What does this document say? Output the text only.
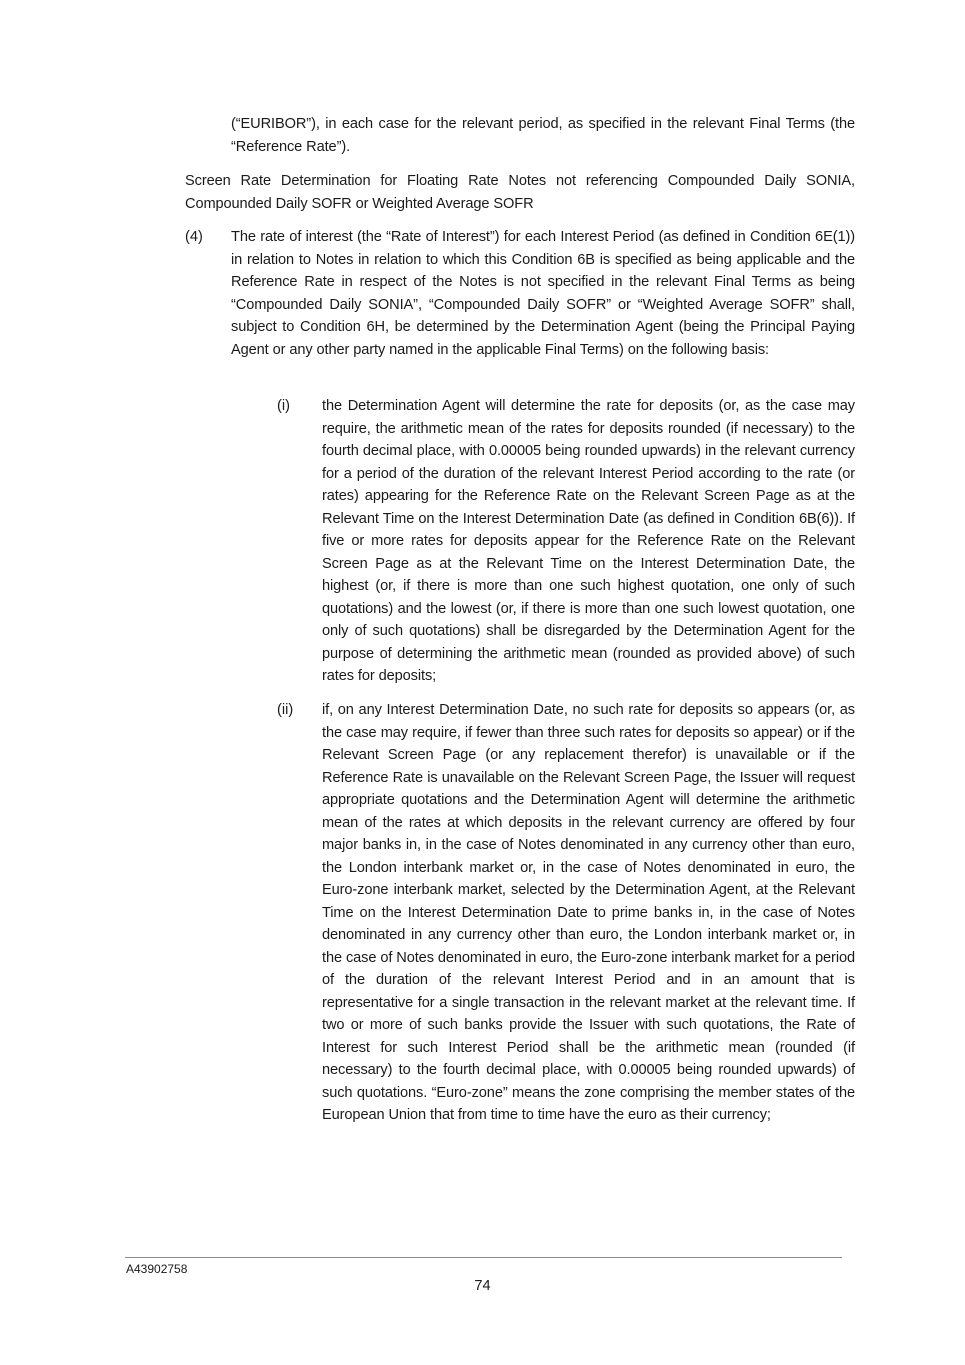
(“EURIBOR”), in each case for the relevant period, as specified in the relevant Final Terms (the “Reference Rate”).

Screen Rate Determination for Floating Rate Notes not referencing Compounded Daily SONIA, Compounded Daily SOFR or Weighted Average SOFR

(4) The rate of interest (the “Rate of Interest”) for each Interest Period (as defined in Condition 6E(1)) in relation to Notes in relation to which this Condition 6B is specified as being applicable and the Reference Rate in respect of the Notes is not specified in the relevant Final Terms as being “Compounded Daily SONIA”, “Compounded Daily SOFR” or “Weighted Average SOFR” shall, subject to Condition 6H, be determined by the Determination Agent (being the Principal Paying Agent or any other party named in the applicable Final Terms) on the following basis:

(i) the Determination Agent will determine the rate for deposits (or, as the case may require, the arithmetic mean of the rates for deposits rounded (if necessary) to the fourth decimal place, with 0.00005 being rounded upwards) in the relevant currency for a period of the duration of the relevant Interest Period according to the rate (or rates) appearing for the Reference Rate on the Relevant Screen Page as at the Relevant Time on the Interest Determination Date (as defined in Condition 6B(6)). If five or more rates for deposits appear for the Reference Rate on the Relevant Screen Page as at the Relevant Time on the Interest Determination Date, the highest (or, if there is more than one such highest quotation, one only of such quotations) and the lowest (or, if there is more than one such lowest quotation, one only of such quotations) shall be disregarded by the Determination Agent for the purpose of determining the arithmetic mean (rounded as provided above) of such rates for deposits;

(ii) if, on any Interest Determination Date, no such rate for deposits so appears (or, as the case may require, if fewer than three such rates for deposits so appear) or if the Relevant Screen Page (or any replacement therefor) is unavailable or if the Reference Rate is unavailable on the Relevant Screen Page, the Issuer will request appropriate quotations and the Determination Agent will determine the arithmetic mean of the rates at which deposits in the relevant currency are offered by four major banks in, in the case of Notes denominated in any currency other than euro, the London interbank market or, in the case of Notes denominated in euro, the Euro-zone interbank market, selected by the Determination Agent, at the Relevant Time on the Interest Determination Date to prime banks in, in the case of Notes denominated in any currency other than euro, the London interbank market or, in the case of Notes denominated in euro, the Euro-zone interbank market for a period of the duration of the relevant Interest Period and in an amount that is representative for a single transaction in the relevant market at the relevant time. If two or more of such banks provide the Issuer with such quotations, the Rate of Interest for such Interest Period shall be the arithmetic mean (rounded (if necessary) to the fourth decimal place, with 0.00005 being rounded upwards) of such quotations. “Euro-zone” means the zone comprising the member states of the European Union that from time to time have the euro as their currency;

A43902758

74
